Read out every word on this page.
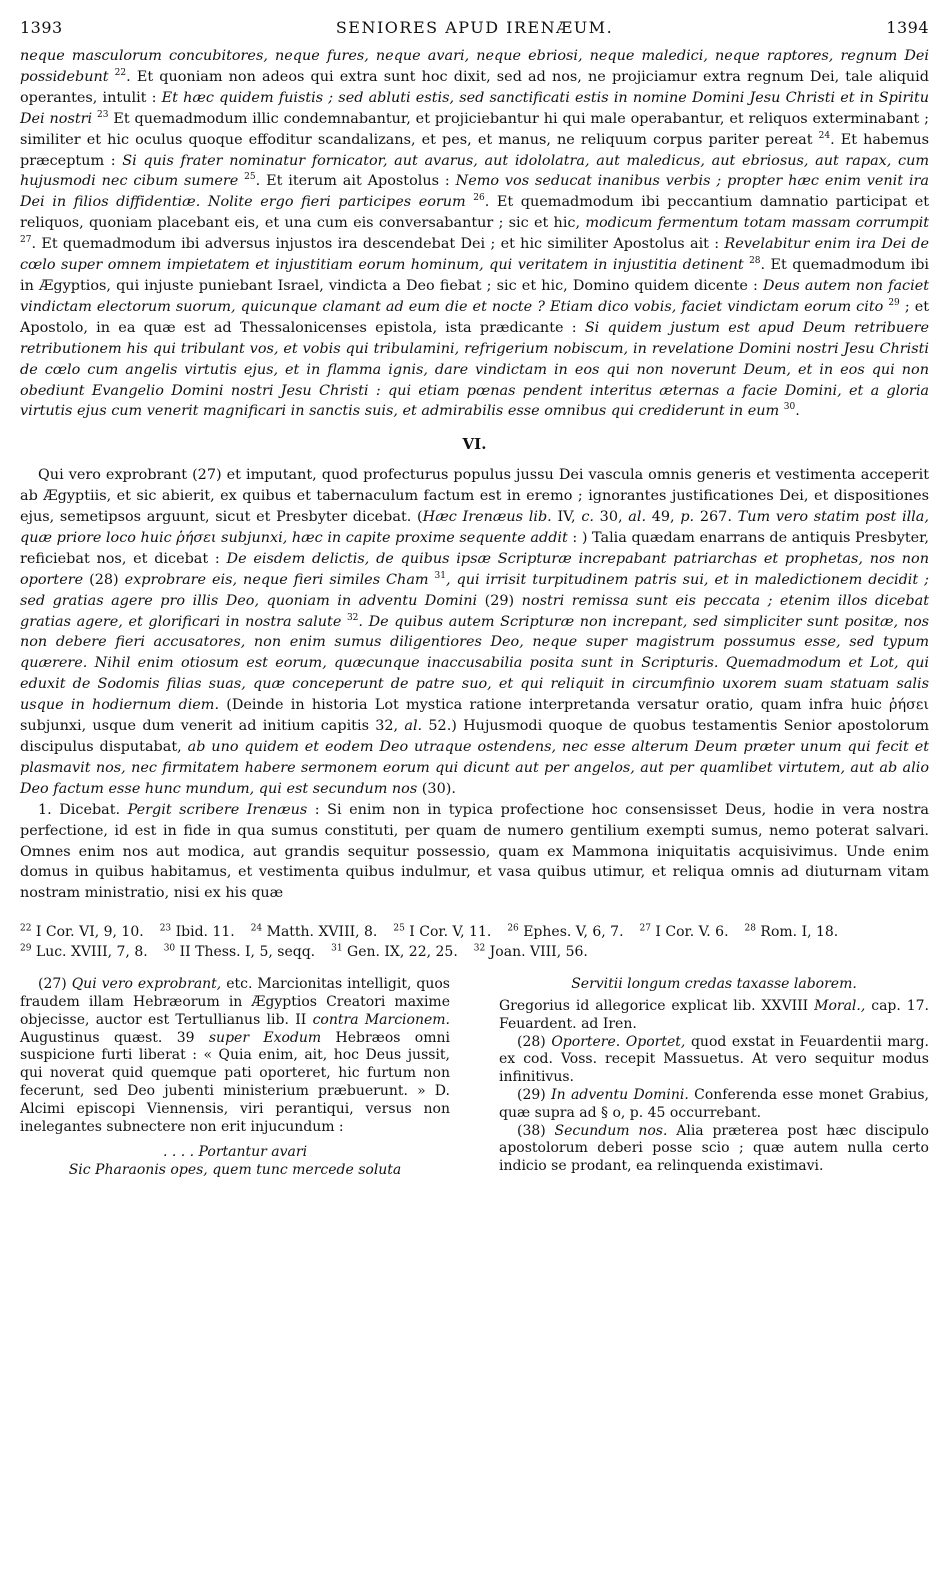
1393	SENIORES APUD IRENÆUM.	1394

neque masculorum concubitores, neque fures, neque avari, neque ebriosi, neque maledici, neque raptores, regnum Dei possidebunt $^{22}$. Et quoniam non adeos qui extra sunt hoc dixit, sed ad nos, ne projiciamur extra regnum Dei, tale aliquid operantes, intulit : Et hæc quidem fuistis ; sed abluti estis, sed sanctificati estis in nomine Domini Jesu Christi et in Spiritu Dei nostri $^{23}$ Et quemadmodum illic condemnabantur, et projiciebantur hi qui male operabantur, et reliquos exterminabant ; similiter et hic oculus quoque effoditur scandalizans, et pes, et manus, ne reliquum corpus pariter pereat $^{24}$. Et habemus præceptum : Si quis frater nominatur fornicator, aut avarus, aut idololatra, aut maledicus, aut ebriosus, aut rapax, cum hujusmodi nec cibum sumere $^{25}$. Et iterum ait Apostolus : Nemo vos seducat inanibus verbis ; propter hæc enim venit ira Dei in filios diffidentiæ. Nolite ergo fieri participes eorum $^{26}$. Et quemadmodum ibi peccantium damnatio participat et reliquos, quoniam placebant eis, et una cum eis conversabantur ; sic et hic, modicum fermentum totam massam corrumpit $^{27}$. Et quemadmodum ibi adversus injustos ira descendebat Dei ; et hic similiter Apostolus ait : Revelabitur enim ira Dei de cœlo super omnem impietatem et injustitiam eorum hominum, qui veritatem in injustitia detinent $^{28}$. Et quemadmodum ibi in Ægyptios, qui injuste puniebant Israel, vindicta a Deo fiebat ; sic et hic, Domino quidem dicente : Deus autem non faciet vindictam electorum suorum, quicunque clamant ad eum die et nocte ? Etiam dico vobis, faciet vindictam eorum cito $^{29}$ ; et Apostolo, in ea quæ est ad Thessalonicenses epistola, ista prædicante : Si quidem justum est apud Deum retribuere retributionem his qui tribulant vos, et vobis qui tribulamini, refrigerium nobiscum, in revelatione Domini nostri Jesu Christi de cœlo cum angelis virtutis ejus, et in flamma ignis, dare vindictam in eos qui non noverunt Deum, et in eos qui non obediunt Evangelio Domini nostri Jesu Christi : qui etiam pœnas pendent interitus æternas a facie Domini, et a gloria virtutis ejus cum venerit magnificari in sanctis suis, et admirabilis esse omnibus qui crediderunt in eum $^{30}$.

VI.

Qui vero exprobrant (27) et imputant, quod profecturus populus jussu Dei vascula omnis generis et vestimenta acceperit ab Ægyptiis, et sic abierit, ex quibus et tabernaculum factum est in eremo ; ignorantes justificationes Dei, et dispositiones ejus, semetipsos arguunt, sicut et Presbyter dicebat. (Hæc Irenæus lib. IV, c. 30, al. 49, p. 267. Tum vero statim post illa, quæ priore loco huic ῥήσει subjunxi, hæc in capite proxime sequente addit : ) Talia quædam enarrans de antiquis Presbyter, reficiebat nos, et dicebat : De eisdem delictis, de quibus ipsæ Scripturæ increpabant patriarchas et prophetas, nos non oportere (28) exprobrare eis, neque fieri similes Cham $^{31}$, qui irrisit turpitudinem patris sui, et in maledictionem decidit ; sed gratias agere pro illis Deo, quoniam in adventu Domini (29) nostri remissa sunt eis peccata ; etenim illos dicebat gratias agere, et glorificari in nostra salute $^{32}$. De quibus autem Scripturæ non increpant, sed simpliciter sunt positæ, nos non debere fieri accusatores, non enim sumus diligentiores Deo, neque super magistrum possumus esse, sed typum quærere. Nihil enim otiosum est eorum, quæcunque inaccusabilia posita sunt in Scripturis. Quemadmodum et Lot, qui eduxit de Sodomis filias suas, quæ conceperunt de patre suo, et qui reliquit in circumfinio uxorem suam statuam salis usque in hodiernum diem. (Deinde in historia Lot mystica ratione interpretanda versatur oratio, quam infra huic ῥήσει subjunxi, usque dum venerit ad initium capitis 32, al. 52.) Hujusmodi quoque de quobus testamentis Senior apostolorum discipulus disputabat, ab uno quidem et eodem Deo utraque ostendens, nec esse alterum Deum præter unum qui fecit et plasmavit nos, nec firmitatem habere sermonem eorum qui dicunt aut per angelos, aut per quamlibet virtutem, aut ab alio Deo factum esse hunc mundum, qui est secundum nos (30).

1. Dicebat. Pergit scribere Irenæus : Si enim non in typica profectione hoc consensisset Deus, hodie in vera nostra perfectione, id est in fide in qua sumus constituti, per quam de numero gentilium exempti sumus, nemo poterat salvari. Omnes enim nos aut modica, aut grandis sequitur possessio, quam ex Mammona iniquitatis acquisivimus. Unde enim domus in quibus habitamus, et vestimenta quibus indulmur, et vasa quibus utimur, et reliqua omnis ad diuturnam vitam nostram ministratio, nisi ex his quæ

$^{22}$ I Cor. VI, 9, 10. $^{23}$ Ibid. 11. $^{24}$ Matth. XVIII, 8. $^{25}$ I Cor. V, 11. $^{26}$ Ephes. V, 6, 7. $^{27}$ I Cor. V. 6. $^{28}$ Rom. I, 18.29 Luc. XVIII, 7, 8. $^{30}$ II Thess. I, 5, seqq. $^{31}$ Gen. IX, 22, 25. $^{32}$ Joan. VIII, 56.

(27) Qui vero exprobrant, etc. Marcionitas intelligit, quos fraudem illam Hebræorum in Ægyptios Creatori maxime objecisse, auctor est Tertullianus lib. II contra Marcionem. Augustinus quæst. 39 super Exodum Hebræos omni suspicione furti liberat : « Quia enim, ait, hoc Deus jussit, qui noverat quid quemque pati oporteret, hic furtum non fecerunt, sed Deo jubenti ministerium præbuerunt. » D. Alcimi episcopi Viennensis, viri perantiqui, versus non inelegantes subnectere non erit injucundum :

. . . . Portantur avari
Sic Pharaonis opes, quem tunc mercede soluta
Servitii longum credas taxasse laborem.

Gregorius id allegorice explicat lib. XXVIII Moral., cap. 17. Feuardent. ad Iren.

(28) Oportere. Oportet, quod exstat in Feuardentii marg. ex cod. Voss. recepit Massuetus. At vero sequitur modus infinitivus.

(29) In adventu Domini. Conferenda esse monet Grabius, quæ supra ad § o, p. 45 occurrebant.

(38) Secundum nos. Alia præterea post hæc discipulo apostolorum deberi posse scio ; quæ autem nulla certo indicio se prodant, ea relinquenda existimavi.
